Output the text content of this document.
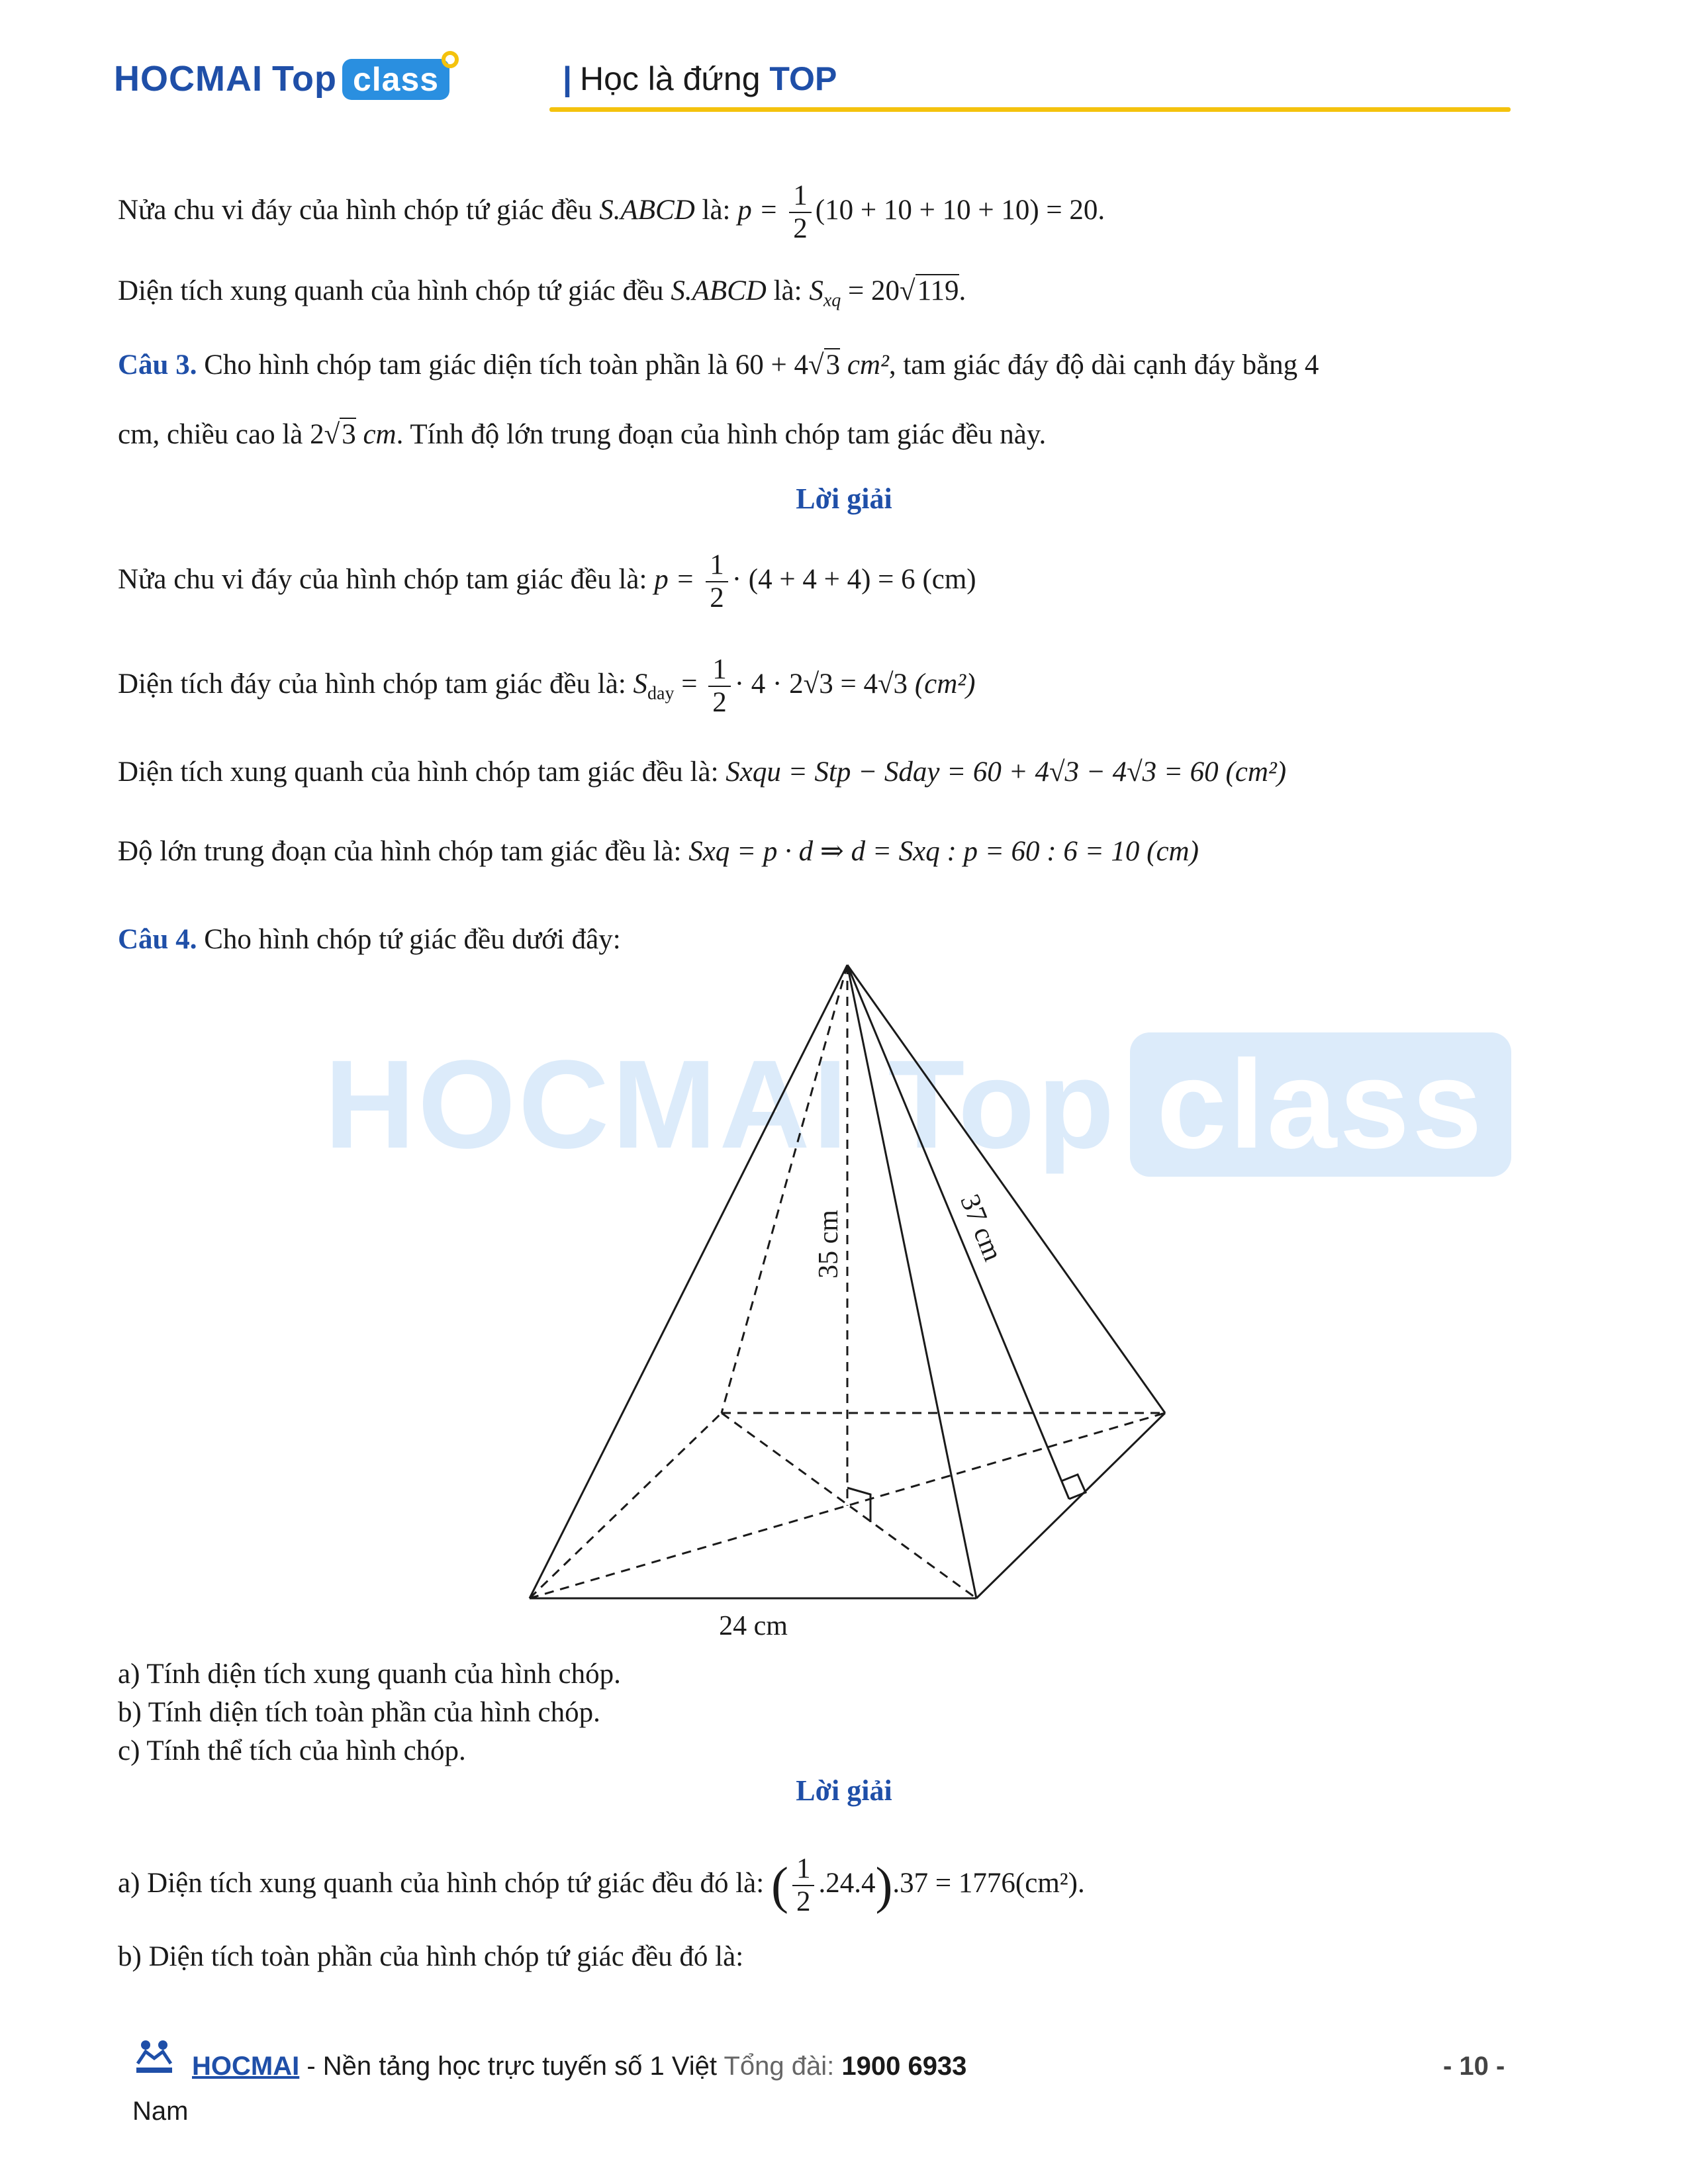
HOCMAI Top class	| Học là đứng TOP
HOCMAI Top class
Nửa chu vi đáy của hình chóp tứ giác đều S.ABCD là: $p = \frac{1}{2} (10 + 10 + 10 + 10) = 20$.
Diện tích xung quanh của hình chóp tứ giác đều S.ABCD là: $S_{xq} = 20√119$.
Câu 3. Cho hình chóp tam giác diện tích toàn phần là 60 + 4√3 cm², tam giác đáy độ dài cạnh đáy bằng 4
cm, chiều cao là 2√3 cm. Tính độ lớn trung đoạn của hình chóp tam giác đều này.
Lời giải
Nửa chu vi đáy của hình chóp tam giác đều là: $p = \frac{1}{2} \cdot (4 + 4 + 4) = 6$ (cm)
Diện tích đáy của hình chóp tam giác đều là: $S_{day} = \frac{1}{2} \cdot 4 \cdot 2√3 = 4√3$ (cm²)
Diện tích xung quanh của hình chóp tam giác đều là: Sxqu = Stp − Sday = 60 + 4√3 − 4√3 = 60 (cm²)
Độ lớn trung đoạn của hình chóp tam giác đều là: Sxq = p · d ⇒ d = Sxq : p = 60 : 6 = 10 (cm)
Câu 4. Cho hình chóp tứ giác đều dưới đây:
35 cm	37 cm
24 cm
a) Tính diện tích xung quanh của hình chóp.
b) Tính diện tích toàn phần của hình chóp.
c) Tính thể tích của hình chóp.
Lời giải
a) Diện tích xung quanh của hình chóp tứ giác đều đó là: ( $\frac{1}{2} .24.4).37 = 1776(cm^2)$.
b) Diện tích toàn phần của hình chóp tứ giác đều đó là:
HOCMAI - Nền tảng học trực tuyến số 1 Việt Tổng đài: 1900 6933	- 10 -
Nam
